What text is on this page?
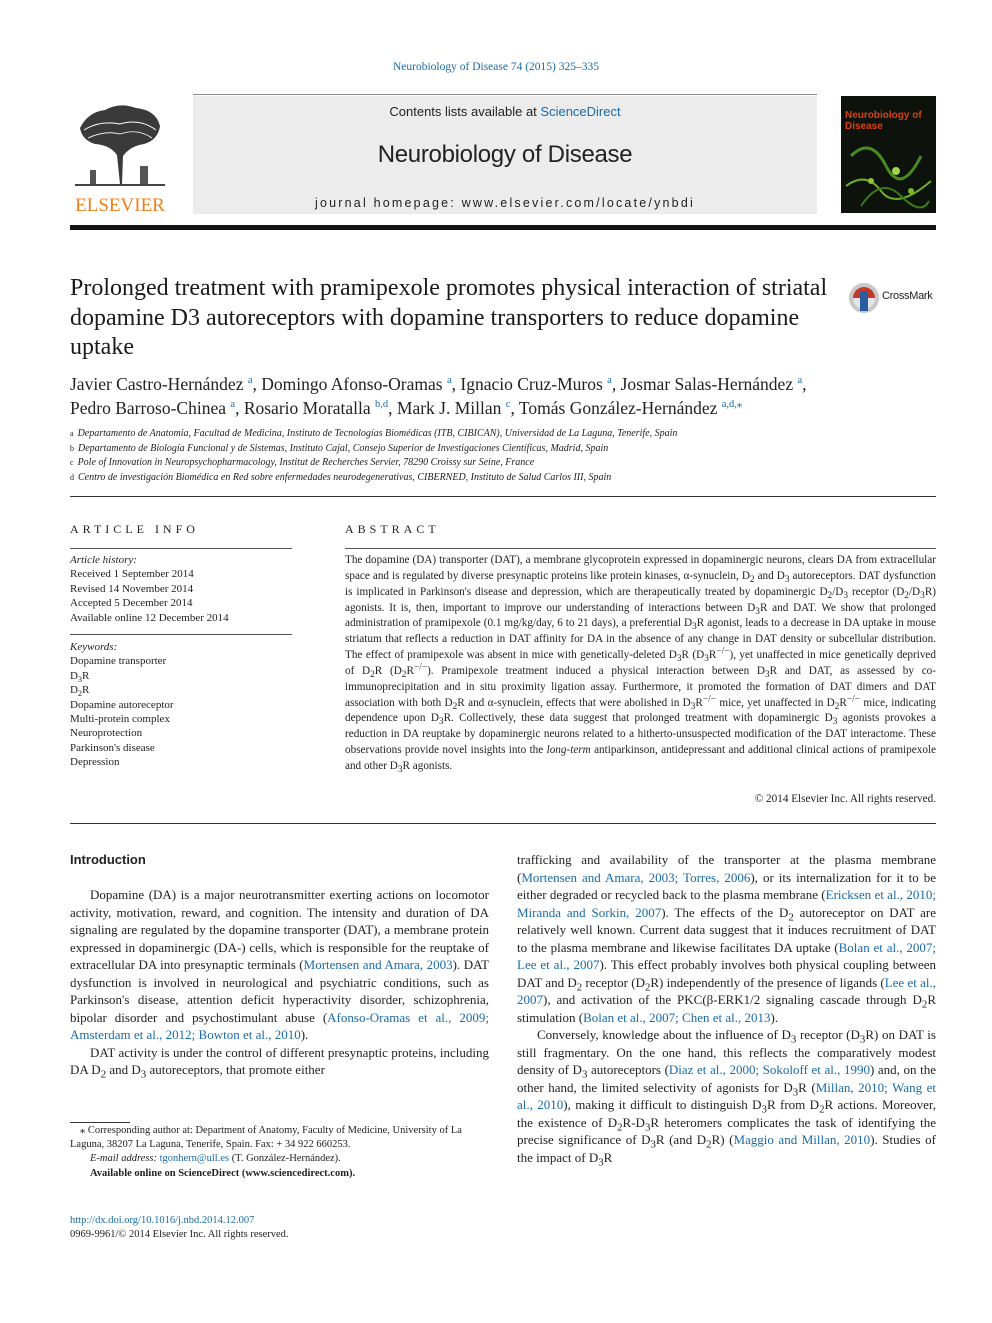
Neurobiology of Disease 74 (2015) 325–335
Contents lists available at ScienceDirect
Neurobiology of Disease
journal homepage: www.elsevier.com/locate/ynbdi
ELSEVIER
Neurobiology of Disease
Prolonged treatment with pramipexole promotes physical interaction of striatal dopamine D3 autoreceptors with dopamine transporters to reduce dopamine uptake
CrossMark
Javier Castro-Hernández $^a$, Domingo Afonso-Oramas $^a$, Ignacio Cruz-Muros $^a$, Josmar Salas-Hernández $^a$,
Pedro Barroso-Chinea $^a$, Rosario Moratalla $^{b,d}$, Mark J. Millan $^c$, Tomás González-Hernández $^{a,d,⁎}$
$^a$ Departamento de Anatomía, Facultad de Medicina, Instituto de Tecnologías Biomédicas (ITB, CIBICAN), Universidad de La Laguna, Tenerife, Spain
$^b$ Departamento de Biología Funcional y de Sistemas, Instituto Cajal, Consejo Superior de Investigaciones Científicas, Madrid, Spain
$^c$ Pole of Innovation in Neuropsychopharmacology, Institut de Recherches Servier, 78290 Croissy sur Seine, France
$^d$ Centro de investigación Biomédica en Red sobre enfermedades neurodegenerativas, CIBERNED, Instituto de Salud Carlos III, Spain
ARTICLE INFO
Article history:
Received 1 September 2014
Revised 14 November 2014
Accepted 5 December 2014
Available online 12 December 2014
Keywords:
Dopamine transporter
$D_3R$
$D_2R$
Dopamine autoreceptor
Multi-protein complex
Neuroprotection
Parkinson's disease
Depression
ABSTRACT
The dopamine (DA) transporter (DAT), a membrane glycoprotein expressed in dopaminergic neurons, clears DA from extracellular space and is regulated by diverse presynaptic proteins like protein kinases, α-synuclein, $D_2$ and $D_3$ autoreceptors. DAT dysfunction is implicated in Parkinson's disease and depression, which are therapeutically treated by dopaminergic $D_2/D_3$ receptor $(D_2/D_3R)$ agonists. It is, then, important to improve our understanding of interactions between $D_3R$ and DAT. We show that prolonged administration of pramipexole (0.1 mg/kg/day, 6 to 21 days), a preferential $D_3R$ agonist, leads to a decrease in DA uptake in mouse striatum that reflects a reduction in DAT affinity for DA in the absence of any change in DAT density or subcellular distribution. The effect of pramipexole was absent in mice with genetically-deleted $D_3R$ $(D_3R^{-/-})$, yet unaffected in mice genetically deprived of $D_2R$ $(D_2R^{-/-})$. Pramipexole treatment induced a physical interaction between $D_3R$ and DAT, as assessed by co-immunoprecipitation and in situ proximity ligation assay. Furthermore, it promoted the formation of DAT dimers and DAT association with both $D_2R$ and α-synuclein, effects that were abolished in $D_3R^{-/-}$ mice, yet unaffected in $D_2R^{-/-}$ mice, indicating dependence upon $D_3R$. Collectively, these data suggest that prolonged treatment with dopaminergic $D_3$ agonists provokes a reduction in DA reuptake by dopaminergic neurons related to a hitherto-unsuspected modification of the DAT interactome. These observations provide novel insights into the long-term antiparkinson, antidepressant and additional clinical actions of pramipexole and other $D_3R$ agonists.
© 2014 Elsevier Inc. All rights reserved.
Introduction

Dopamine (DA) is a major neurotransmitter exerting actions on locomotor activity, motivation, reward, and cognition. The intensity and duration of DA signaling are regulated by the dopamine transporter (DAT), a membrane protein expressed in dopaminergic (DA-) cells, which is responsible for the reuptake of extracellular DA into presynaptic terminals (Mortensen and Amara, 2003). DAT dysfunction is involved in neurological and psychiatric conditions, such as Parkinson's disease, attention deficit hyperactivity disorder, schizophrenia, bipolar disorder and psychostimulant abuse (Afonso-Oramas et al., 2009; Amsterdam et al., 2012; Bowton et al., 2010).

DAT activity is under the control of different presynaptic proteins, including DA $D_2$ and $D_3$ autoreceptors, that promote either

trafficking and availability of the transporter at the plasma membrane (Mortensen and Amara, 2003; Torres, 2006), or its internalization for it to be either degraded or recycled back to the plasma membrane (Ericksen et al., 2010; Miranda and Sorkin, 2007). The effects of the $D_2$ autoreceptor on DAT are relatively well known. Current data suggest that it induces recruitment of DAT to the plasma membrane and likewise facilitates DA uptake (Bolan et al., 2007; Lee et al., 2007). This effect probably involves both physical coupling between DAT and $D_2$ receptor $(D_2R)$ independently of the presence of ligands (Lee et al., 2007), and activation of the PKC(β-ERK1/2 signaling cascade through $D_2R$ stimulation (Bolan et al., 2007; Chen et al., 2013).

Conversely, knowledge about the influence of $D_3$ receptor $(D_3R)$ on DAT is still fragmentary. On the one hand, this reflects the comparatively modest density of $D_3$ autoreceptors (Diaz et al., 2000; Sokoloff et al., 1990) and, on the other hand, the limited selectivity of agonists for $D_3R$ (Millan, 2010; Wang et al., 2010), making it difficult to distinguish $D_3R$ from $D_2R$ actions. Moreover, the existence of $D_2R-D_3R$ heteromers complicates the task of identifying the precise significance of $D_3R$ (and $D_2R$) (Maggio and Millan, 2010). Studies of the impact of $D_3R$

⁎ Corresponding author at: Department of Anatomy, Faculty of Medicine, University of La Laguna, 38207 La Laguna, Tenerife, Spain. Fax: + 34 922 660253.
E-mail address: tgonhern@ull.es (T. González-Hernández).
Available online on ScienceDirect (www.sciencedirect.com).
http://dx.doi.org/10.1016/j.nbd.2014.12.007
0969-9961/© 2014 Elsevier Inc. All rights reserved.
